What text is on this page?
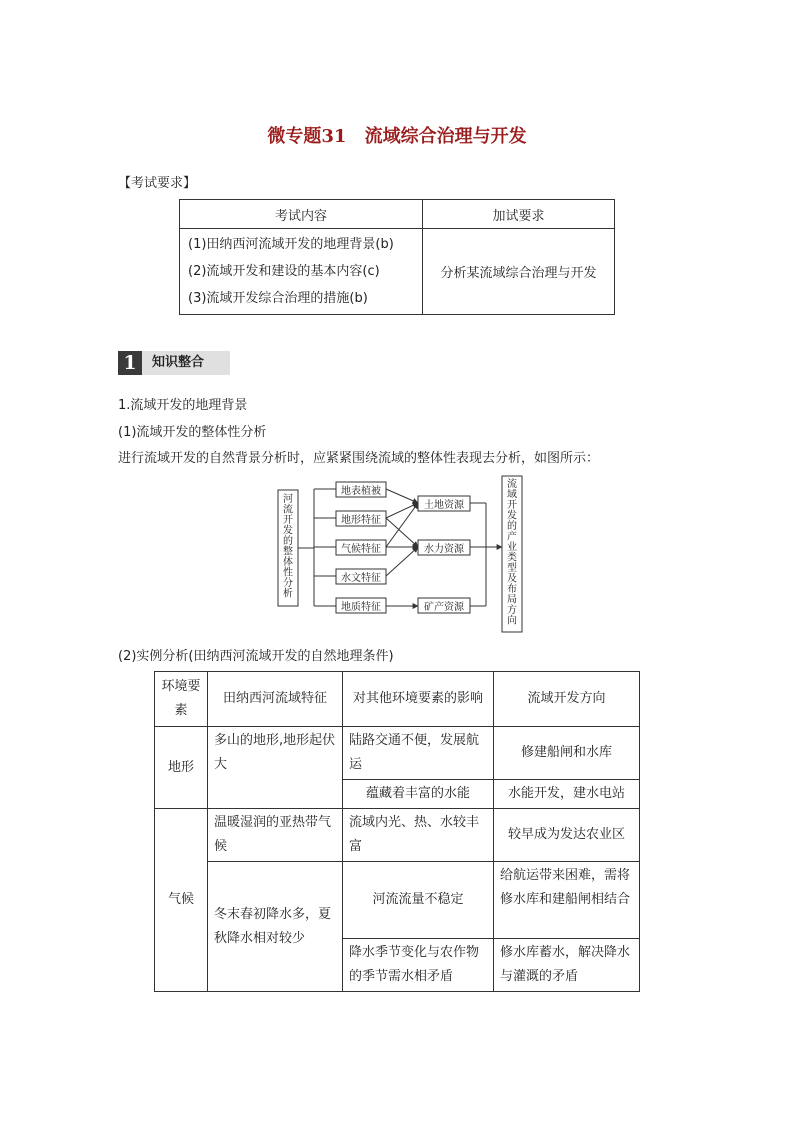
微专题31 流域综合治理与开发
【考试要求】
考试内容	加试要求

(1)田纳西河流域开发的地理背景(b)
(2)流域开发和建设的基本内容(c)
(3)流域开发综合治理的措施(b)	分析某流域综合治理与开发
1	知识整合
1.流域开发的地理背景
(1)流域开发的整体性分析
进行流域开发的自然背景分析时，应紧紧围绕流域的整体性表现去分析，如图所示：
河流开发的整体性分析
地表植被
地形特征
气候特征
水文特征
地质特征
土地资源
水力资源
矿产资源
流域开发的产业类型及布局方向
(2)实例分析(田纳西河流域开发的自然地理条件)
环境要素	田纳西河流域特征	对其他环境要素的影响	流域开发方向
地形	多山的地形,地形起伏大	陆路交通不便，发展航运	修建船闸和水库
		蕴藏着丰富的水能	水能开发，建水电站
气候	温暖湿润的亚热带气候	流域内光、热、水较丰富	较早成为发达农业区
	冬末春初降水多，夏秋降水相对较少	河流流量不稳定	给航运带来困难，需将修水库和建船闸相结合
		降水季节变化与农作物的季节需水相矛盾	修水库蓄水，解决降水与灌溉的矛盾
